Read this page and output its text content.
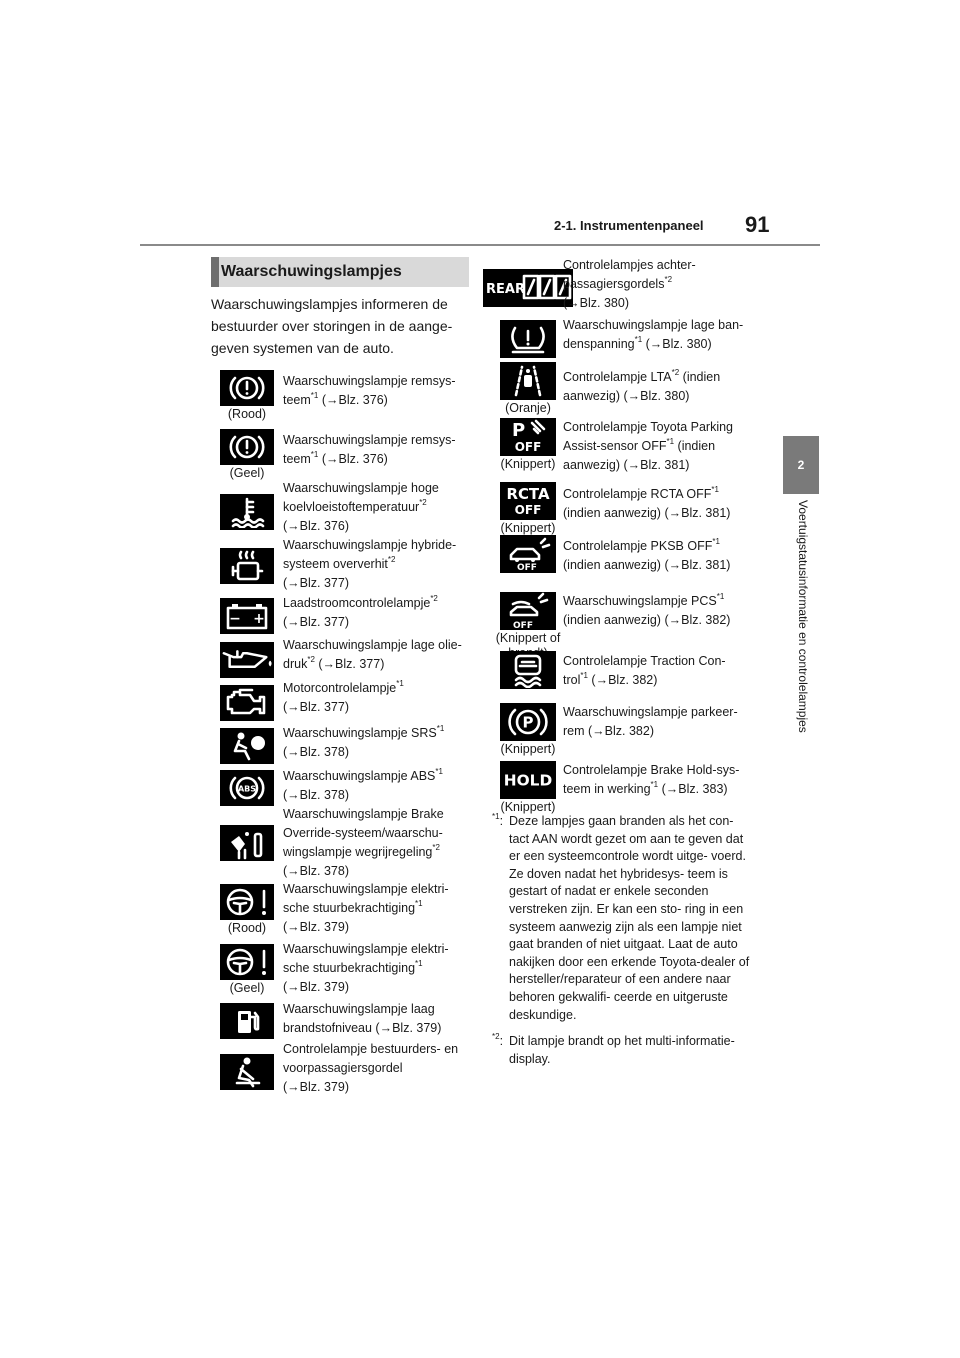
91
2-1. Instrumentenpaneel
2
Voertuigstatusinformatie en controlelampjes
Waarschuwingslampjes
Waarschuwingslampjes informeren de bestuurder over storingen in de aange- geven systemen van de auto.
(Rood)
Waarschuwingslampje remsys-
teem$^{*1}$ (→Blz. 376)
(Geel)
Waarschuwingslampje remsys-
teem$^{*1}$ (→Blz. 376)
Waarschuwingslampje hoge
koelvloeistoftemperatuur$^{*2}$
(→Blz. 376)
Waarschuwingslampje hybride-
systeem oververhit$^{*2}$
(→Blz. 377)
− +
Laadstroomcontrolelampje$^{*2}$
(→Blz. 377)
Waarschuwingslampje lage olie-
druk$^{*2}$ (→Blz. 377)
Motorcontrolelampje$^{*1}$
(→Blz. 377)
Waarschuwingslampje SRS$^{*1}$
(→Blz. 378)
ABS
Waarschuwingslampje ABS$^{*1}$
(→Blz. 378)
Waarschuwingslampje Brake Override-systeem/waarschu-
wingslampje wegrijregeling$^{*2}$
(→Blz. 378)
(Rood)
Waarschuwingslampje elektri-
sche stuurbekrachtiging$^{*1}$
(→Blz. 379)
(Geel)
Waarschuwingslampje elektri-
sche stuurbekrachtiging$^{*1}$
(→Blz. 379)
Waarschuwingslampje laag
brandstofniveau (→Blz. 379)
Controlelampje bestuurders- en
voorpassagiersgordel
(→Blz. 379)
REAR
Controlelampjes achter-
passagiersgordels$^{*2}$
(→Blz. 380)
Waarschuwingslampje lage ban-
denspanning$^{*1}$ (→Blz. 380)
(Oranje)
Controlelampje LTA$^{*2}$ (indien aanwezig) (→Blz. 380)
P
OFF
(Knippert)
Controlelampje Toyota Parking
Assist-sensor OFF$^{*1}$ (indien aanwezig) (→Blz. 381)
RCTA
OFF
(Knippert)
Controlelampje RCTA OFF$^{*1}$
(indien aanwezig) (→Blz. 381)
OFF
Controlelampje PKSB OFF$^{*1}$
(indien aanwezig) (→Blz. 381)
OFF
(Knippert of
Waarschuwingslampje PCS$^{*1}$
(indien aanwezig) (→Blz. 382)
Controlelampje Traction Con-
trol$^{*1}$ (→Blz. 382)
P
(Knippert)
Waarschuwingslampje parkeer-
rem (→Blz. 382)
HOLD
(Knippert)
Controlelampje Brake Hold-sys-
teem in werking$^{*1}$ (→Blz. 383)
$^{*1}$: Deze lampjes gaan branden als het con- tact AAN wordt gezet om aan te geven dat er een systeemcontrole wordt uitge- voerd. Ze doven nadat het hybridesys- teem is gestart of nadat er enkele seconden verstreken zijn. Er kan een sto- ring in een systeem aanwezig zijn als een lampje niet gaat branden of niet uitgaat. Laat de auto nakijken door een erkende Toyota-dealer of hersteller/reparateur of een andere naar behoren gekwalifi- ceerde en uitgeruste deskundige.
$^{*2}$: Dit lampje brandt op het multi-informatie- display.
